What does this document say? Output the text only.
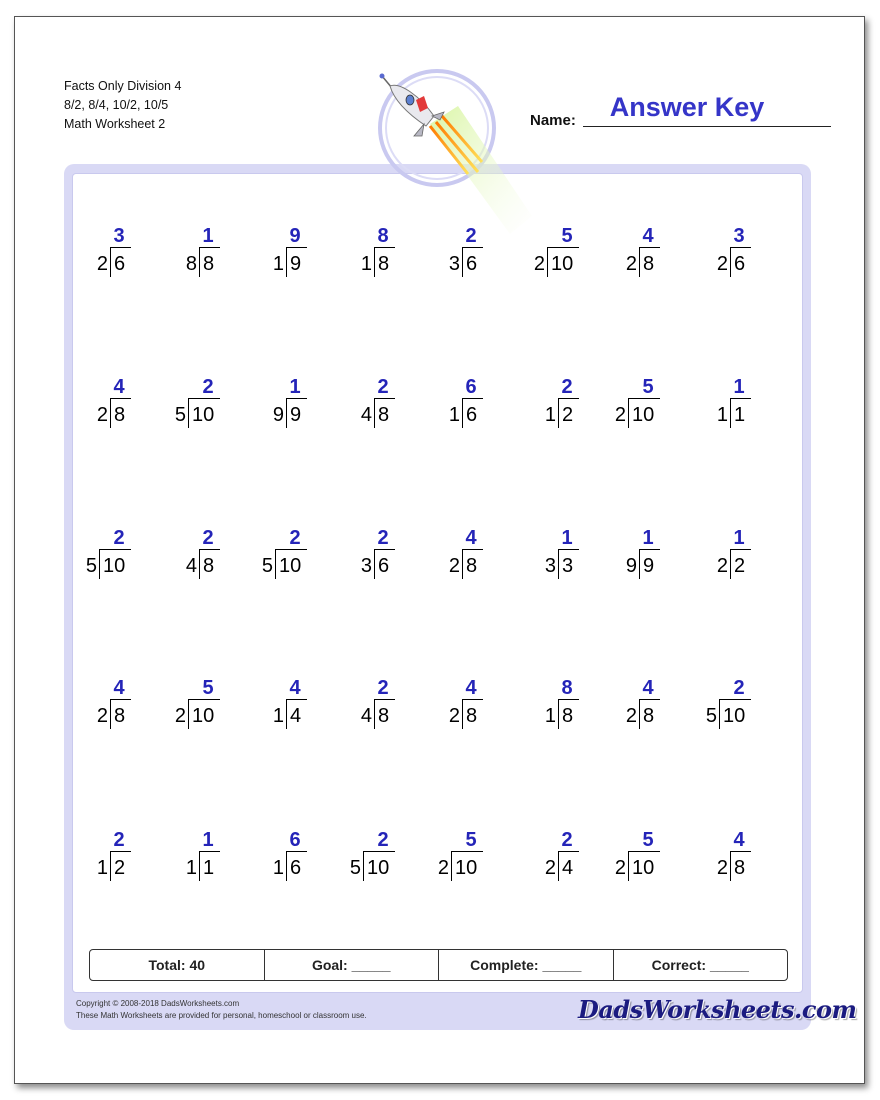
Facts Only Division 4
8/2, 8/4, 10/2, 10/5
Math Worksheet 2	Name:	Answer Key
3
2 6
1
8 8
9
1 9
8
1 8
2
3 6
5
2 10
4
2 8
3
2 6
4
2 8
2
5 10
1
9 9
2
4 8
6
1 6
2
1 2
5
2 10
1
1 1
2
5 10
2
4 8
2
5 10
2
3 6
4
2 8
1
3 3
1
9 9
1
2 2
4
2 8
5
2 10
4
1 4
2
4 8
4
2 8
8
1 8
4
2 8
2
5 10
2
1 2
1
1 1
6
1 6
2
5 10
5
2 10
2
2 4
5
2 10
4
2 8
Total: 40	Goal: _____	Complete: _____	Correct: _____
Copyright © 2008-2018 DadsWorksheets.com
These Math Worksheets are provided for personal, homeschool or classroom use.	DadsWorksheets.com
